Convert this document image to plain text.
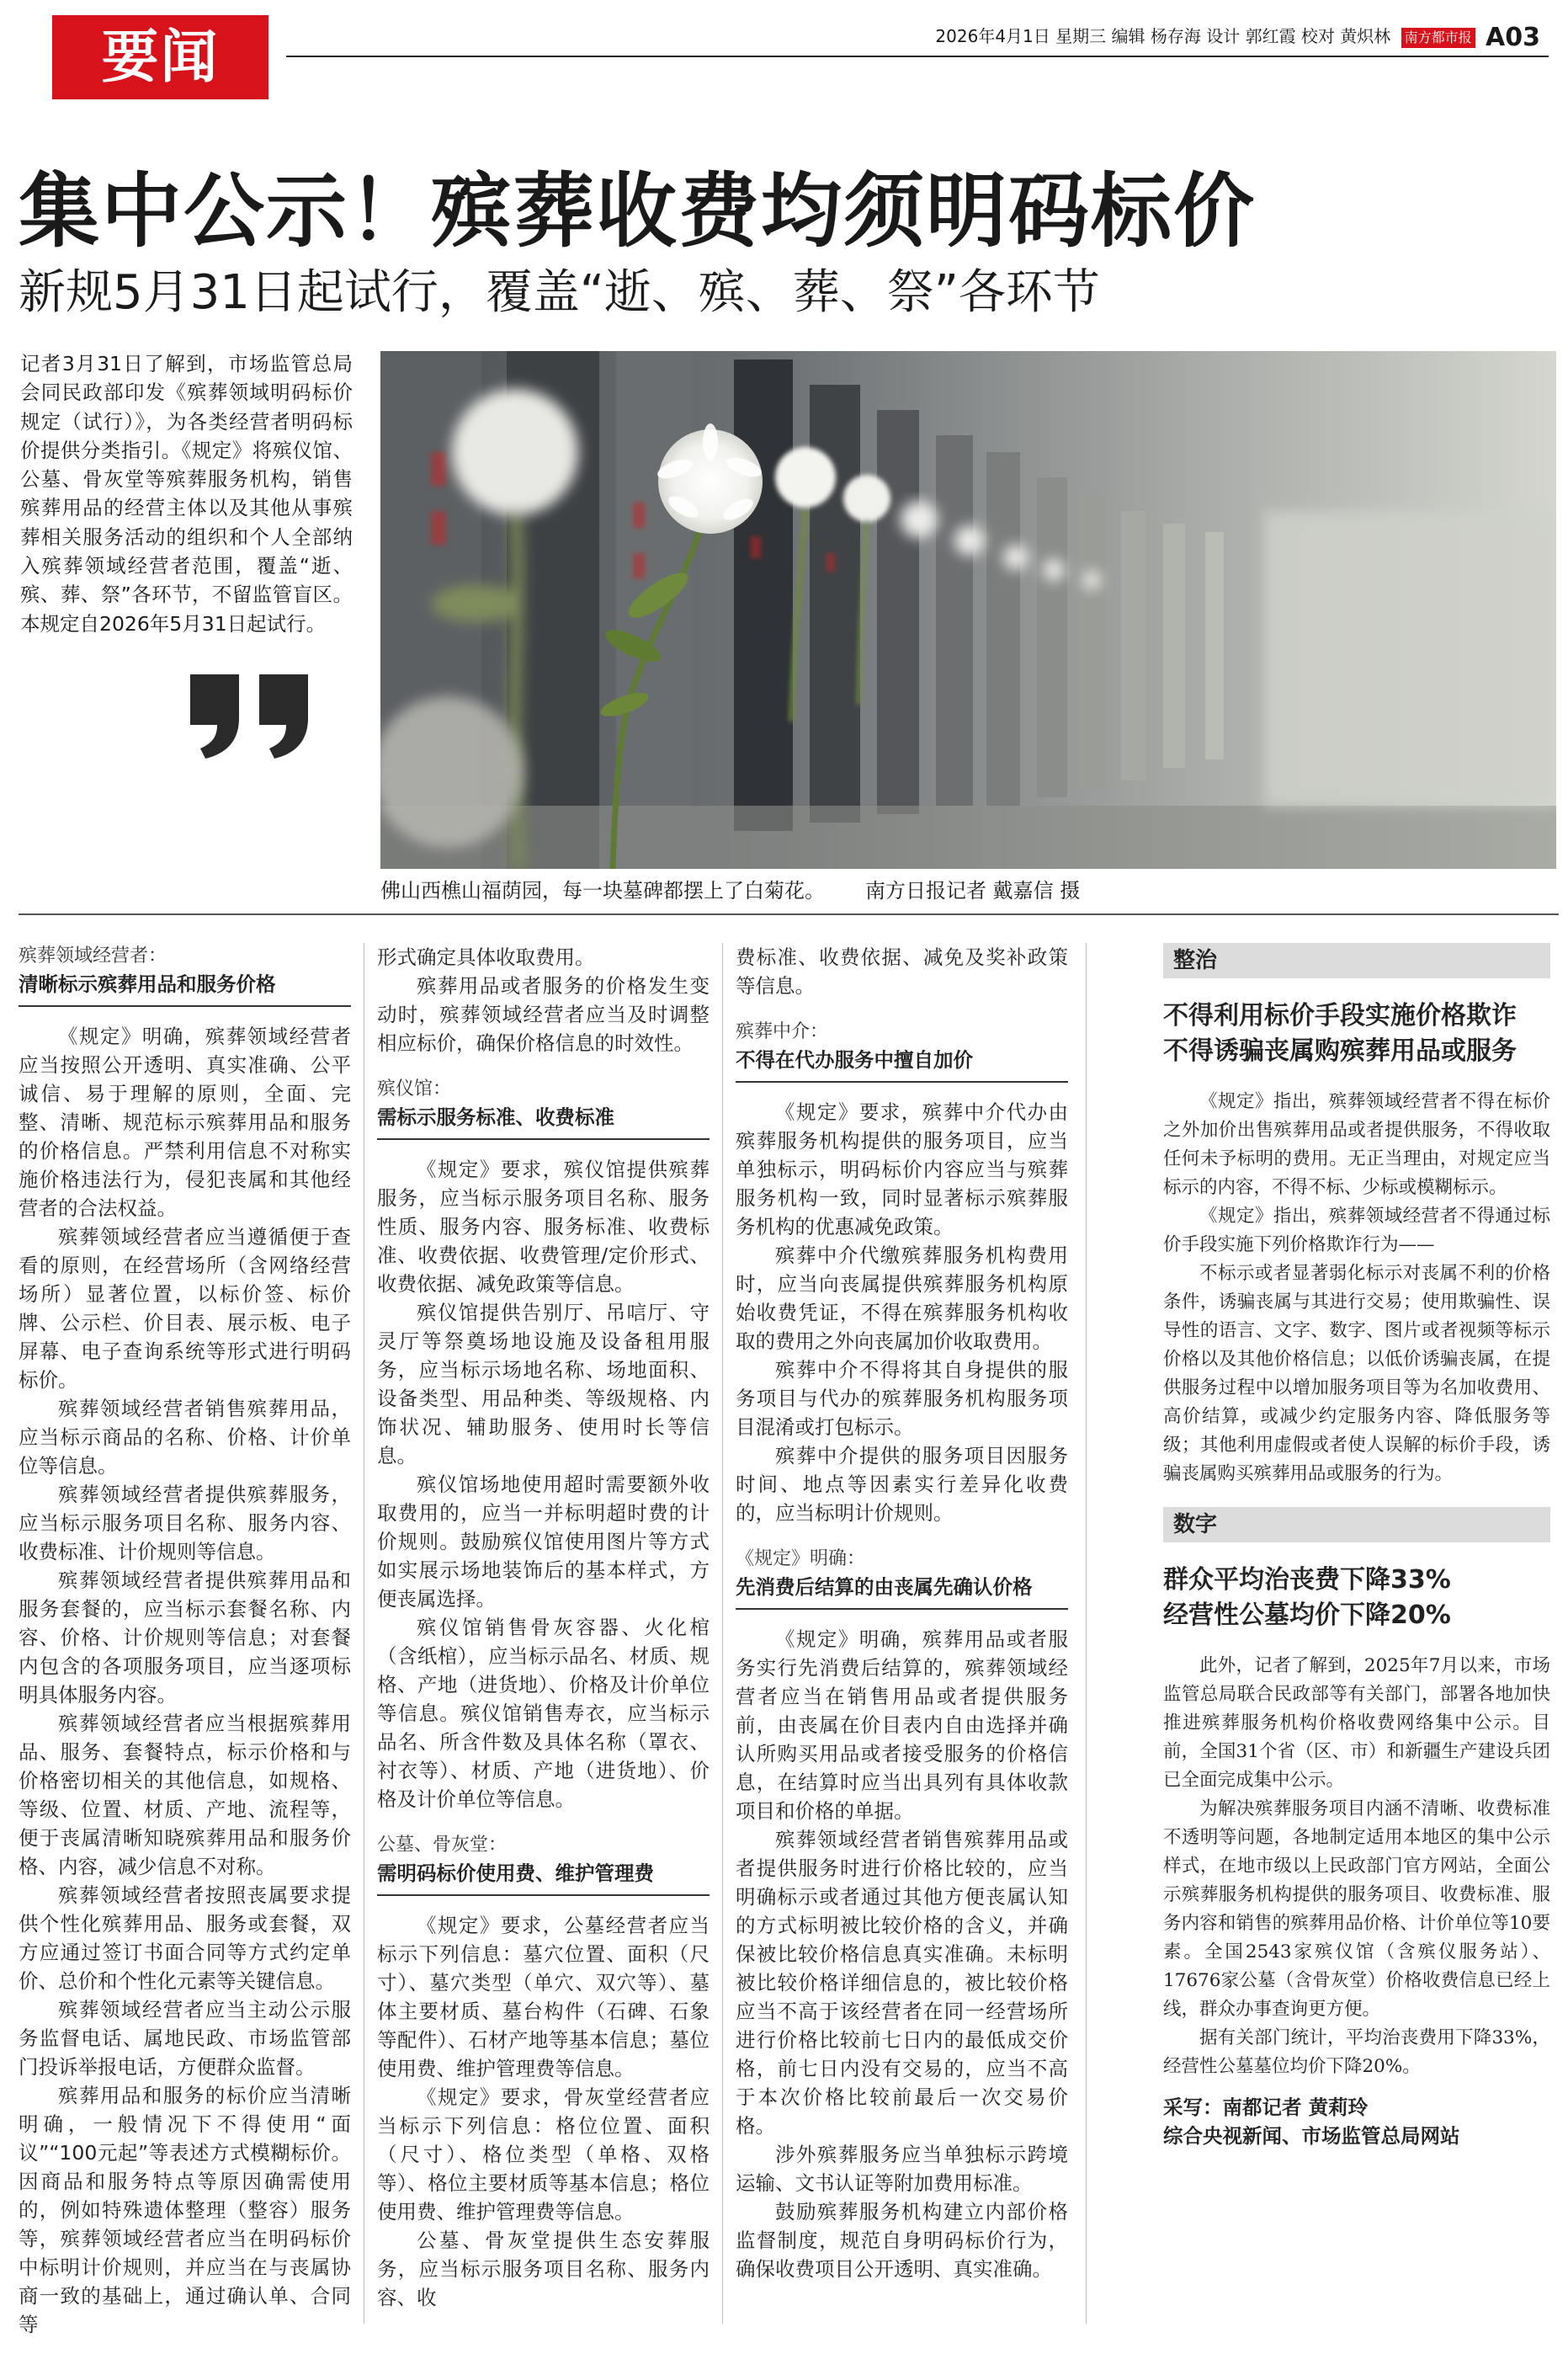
要闻	2026年4月1日 星期三 编辑 杨存海 设计 郭红霞 校对 黄炽林 南方都市报 A03
集中公示！殡葬收费均须明码标价
新规5月31日起试行，覆盖“逝、殡、葬、祭”各环节
记者3月31日了解到，市场监管总局会同民政部印发《殡葬领域明码标价规定（试行）》，为各类经营者明码标价提供分类指引。《规定》将殡仪馆、公墓、骨灰堂等殡葬服务机构，销售殡葬用品的经营主体以及其他从事殡葬相关服务活动的组织和个人全部纳入殡葬领域经营者范围，覆盖“逝、殡、葬、祭”各环节，不留监管盲区。本规定自2026年5月31日起试行。
佛山西樵山福荫园，每一块墓碑都摆上了白菊花。 南方日报记者 戴嘉信 摄

殡葬领域经营者：

清晰标示殡葬用品和服务价格

《规定》明确，殡葬领域经营者应当按照公开透明、真实准确、公平诚信、易于理解的原则，全面、完整、清晰、规范标示殡葬用品和服务的价格信息。严禁利用信息不对称实施价格违法行为，侵犯丧属和其他经营者的合法权益。

殡葬领域经营者应当遵循便于查看的原则，在经营场所（含网络经营场所）显著位置，以标价签、标价牌、公示栏、价目表、展示板、电子屏幕、电子查询系统等形式进行明码标价。

殡葬领域经营者销售殡葬用品，应当标示商品的名称、价格、计价单位等信息。

殡葬领域经营者提供殡葬服务，应当标示服务项目名称、服务内容、收费标准、计价规则等信息。

殡葬领域经营者提供殡葬用品和服务套餐的，应当标示套餐名称、内容、价格、计价规则等信息；对套餐内包含的各项服务项目，应当逐项标明具体服务内容。

殡葬领域经营者应当根据殡葬用品、服务、套餐特点，标示价格和与价格密切相关的其他信息，如规格、等级、位置、材质、产地、流程等，便于丧属清晰知晓殡葬用品和服务价格、内容，减少信息不对称。

殡葬领域经营者按照丧属要求提供个性化殡葬用品、服务或套餐，双方应通过签订书面合同等方式约定单价、总价和个性化元素等关键信息。

殡葬领域经营者应当主动公示服务监督电话、属地民政、市场监管部门投诉举报电话，方便群众监督。

殡葬用品和服务的标价应当清晰明确，一般情况下不得使用“面议”“100元起”等表述方式模糊标价。因商品和服务特点等原因确需使用的，例如特殊遗体整理（整容）服务等，殡葬领域经营者应当在明码标价中标明计价规则，并应当在与丧属协商一致的基础上，通过确认单、合同等

形式确定具体收取费用。

殡葬用品或者服务的价格发生变动时，殡葬领域经营者应当及时调整相应标价，确保价格信息的时效性。

殡仪馆：

需标示服务标准、收费标准

《规定》要求，殡仪馆提供殡葬服务，应当标示服务项目名称、服务性质、服务内容、服务标准、收费标准、收费依据、收费管理/定价形式、收费依据、减免政策等信息。

殡仪馆提供告别厅、吊唁厅、守灵厅等祭奠场地设施及设备租用服务，应当标示场地名称、场地面积、设备类型、用品种类、等级规格、内饰状况、辅助服务、使用时长等信息。

殡仪馆场地使用超时需要额外收取费用的，应当一并标明超时费的计价规则。鼓励殡仪馆使用图片等方式如实展示场地装饰后的基本样式，方便丧属选择。

殡仪馆销售骨灰容器、火化棺（含纸棺），应当标示品名、材质、规格、产地（进货地）、价格及计价单位等信息。殡仪馆销售寿衣，应当标示品名、所含件数及具体名称（罩衣、衬衣等）、材质、产地（进货地）、价格及计价单位等信息。

公墓、骨灰堂：

需明码标价使用费、维护管理费

《规定》要求，公墓经营者应当标示下列信息：墓穴位置、面积（尺寸）、墓穴类型（单穴、双穴等）、墓体主要材质、墓台构件（石碑、石象等配件）、石材产地等基本信息；墓位使用费、维护管理费等信息。

《规定》要求，骨灰堂经营者应当标示下列信息：格位位置、面积（尺寸）、格位类型（单格、双格等）、格位主要材质等基本信息；格位使用费、维护管理费等信息。

公墓、骨灰堂提供生态安葬服务，应当标示服务项目名称、服务内容、收

费标准、收费依据、减免及奖补政策等信息。

殡葬中介：

不得在代办服务中擅自加价

《规定》要求，殡葬中介代办由殡葬服务机构提供的服务项目，应当单独标示，明码标价内容应当与殡葬服务机构一致，同时显著标示殡葬服务机构的优惠减免政策。

殡葬中介代缴殡葬服务机构费用时，应当向丧属提供殡葬服务机构原始收费凭证，不得在殡葬服务机构收取的费用之外向丧属加价收取费用。

殡葬中介不得将其自身提供的服务项目与代办的殡葬服务机构服务项目混淆或打包标示。

殡葬中介提供的服务项目因服务时间、地点等因素实行差异化收费的，应当标明计价规则。

《规定》明确：

先消费后结算的由丧属先确认价格

《规定》明确，殡葬用品或者服务实行先消费后结算的，殡葬领域经营者应当在销售用品或者提供服务前，由丧属在价目表内自由选择并确认所购买用品或者接受服务的价格信息，在结算时应当出具列有具体收款项目和价格的单据。

殡葬领域经营者销售殡葬用品或者提供服务时进行价格比较的，应当明确标示或者通过其他方便丧属认知的方式标明被比较价格的含义，并确保被比较价格信息真实准确。未标明被比较价格详细信息的，被比较价格应当不高于该经营者在同一经营场所进行价格比较前七日内的最低成交价格，前七日内没有交易的，应当不高于本次价格比较前最后一次交易价格。

涉外殡葬服务应当单独标示跨境运输、文书认证等附加费用标准。

鼓励殡葬服务机构建立内部价格监督制度，规范自身明码标价行为，确保收费项目公开透明、真实准确。

整治
不得利用标价手段实施价格欺诈
不得诱骗丧属购殡葬用品或服务

《规定》指出，殡葬领域经营者不得在标价之外加价出售殡葬用品或者提供服务，不得收取任何未予标明的费用。无正当理由，对规定应当标示的内容，不得不标、少标或模糊标示。

《规定》指出，殡葬领域经营者不得通过标价手段实施下列价格欺诈行为——

不标示或者显著弱化标示对丧属不利的价格条件，诱骗丧属与其进行交易；使用欺骗性、误导性的语言、文字、数字、图片或者视频等标示价格以及其他价格信息；以低价诱骗丧属，在提供服务过程中以增加服务项目等为名加收费用、高价结算，或减少约定服务内容、降低服务等级；其他利用虚假或者使人误解的标价手段，诱骗丧属购买殡葬用品或服务的行为。

数字
群众平均治丧费下降33%
经营性公墓均价下降20%

此外，记者了解到，2025年7月以来，市场监管总局联合民政部等有关部门，部署各地加快推进殡葬服务机构价格收费网络集中公示。目前，全国31个省（区、市）和新疆生产建设兵团已全面完成集中公示。

为解决殡葬服务项目内涵不清晰、收费标准不透明等问题，各地制定适用本地区的集中公示样式，在地市级以上民政部门官方网站，全面公示殡葬服务机构提供的服务项目、收费标准、服务内容和销售的殡葬用品价格、计价单位等10要素。全国2543家殡仪馆（含殡仪服务站）、17676家公墓（含骨灰堂）价格收费信息已经上线，群众办事查询更方便。

据有关部门统计，平均治丧费用下降33%，经营性公墓墓位均价下降20%。

采写：南都记者 黄莉玲

综合央视新闻、市场监管总局网站
